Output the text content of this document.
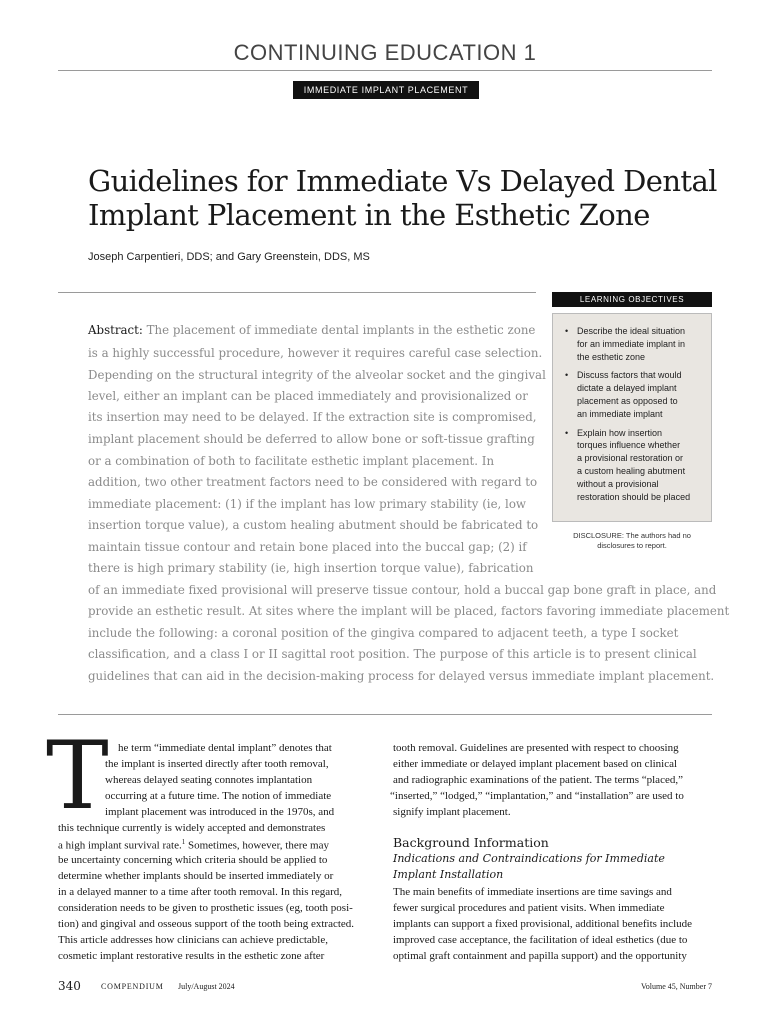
CONTINUING EDUCATION 1
IMMEDIATE IMPLANT PLACEMENT
Guidelines for Immediate Vs Delayed Dental
Implant Placement in the Esthetic Zone
Joseph Carpentieri, DDS; and Gary Greenstein, DDS, MS
LEARNING OBJECTIVES
• Describe the ideal situation
for an immediate implant in
the esthetic zone
• Discuss factors that would
dictate a delayed implant
placement as opposed to
an immediate implant
• Explain how insertion
torques influence whether
a provisional restoration or
a custom healing abutment
without a provisional
restoration should be placed
DISCLOSURE: The authors had no
disclosures to report.
Abstract: The placement of immediate dental implants in the esthetic zone
is a highly successful procedure, however it requires careful case selection.
Depending on the structural integrity of the alveolar socket and the gingival
level, either an implant can be placed immediately and provisionalized or
its insertion may need to be delayed. If the extraction site is compromised,
implant placement should be deferred to allow bone or soft-tissue grafting
or a combination of both to facilitate esthetic implant placement. In
addition, two other treatment factors need to be considered with regard to
immediate placement: (1) if the implant has low primary stability (ie, low
insertion torque value), a custom healing abutment should be fabricated to
maintain tissue contour and retain bone placed into the buccal gap; (2) if
there is high primary stability (ie, high insertion torque value), fabrication
of an immediate fixed provisional will preserve tissue contour, hold a buccal gap bone graft in place, and
provide an esthetic result. At sites where the implant will be placed, factors favoring immediate placement
include the following: a coronal position of the gingiva compared to adjacent teeth, a type I socket
classification, and a class I or II sagittal root position. The purpose of this article is to present clinical
guidelines that can aid in the decision-making process for delayed versus immediate implant placement.
T he term “immediate dental implant” denotes that
the implant is inserted directly after tooth removal,
whereas delayed seating connotes implantation
occurring at a future time. The notion of immediate
implant placement was introduced in the 1970s, and
this technique currently is widely accepted and demonstrates
a high implant survival rate.$^1$ Sometimes, however, there may
be uncertainty concerning which criteria should be applied to
determine whether implants should be inserted immediately or
in a delayed manner to a time after tooth removal. In this regard,
consideration needs to be given to prosthetic issues (eg, tooth posi-
tion) and gingival and osseous support of the tooth being extracted.
This article addresses how clinicians can achieve predictable,
cosmetic implant restorative results in the esthetic zone after
tooth removal. Guidelines are presented with respect to choosing
either immediate or delayed implant placement based on clinical
and radiographic examinations of the patient. The terms “placed,”
“inserted,” “lodged,” “implantation,” and “installation” are used to
signify implant placement.
Background Information
Indications and Contraindications for Immediate
Implant Installation
The main benefits of immediate insertions are time savings and
fewer surgical procedures and patient visits. When immediate
implants can support a fixed provisional, additional benefits include
improved case acceptance, the facilitation of ideal esthetics (due to
optimal graft containment and papilla support) and the opportunity
340	COMPENDIUM July/August 2024	Volume 45, Number 7
